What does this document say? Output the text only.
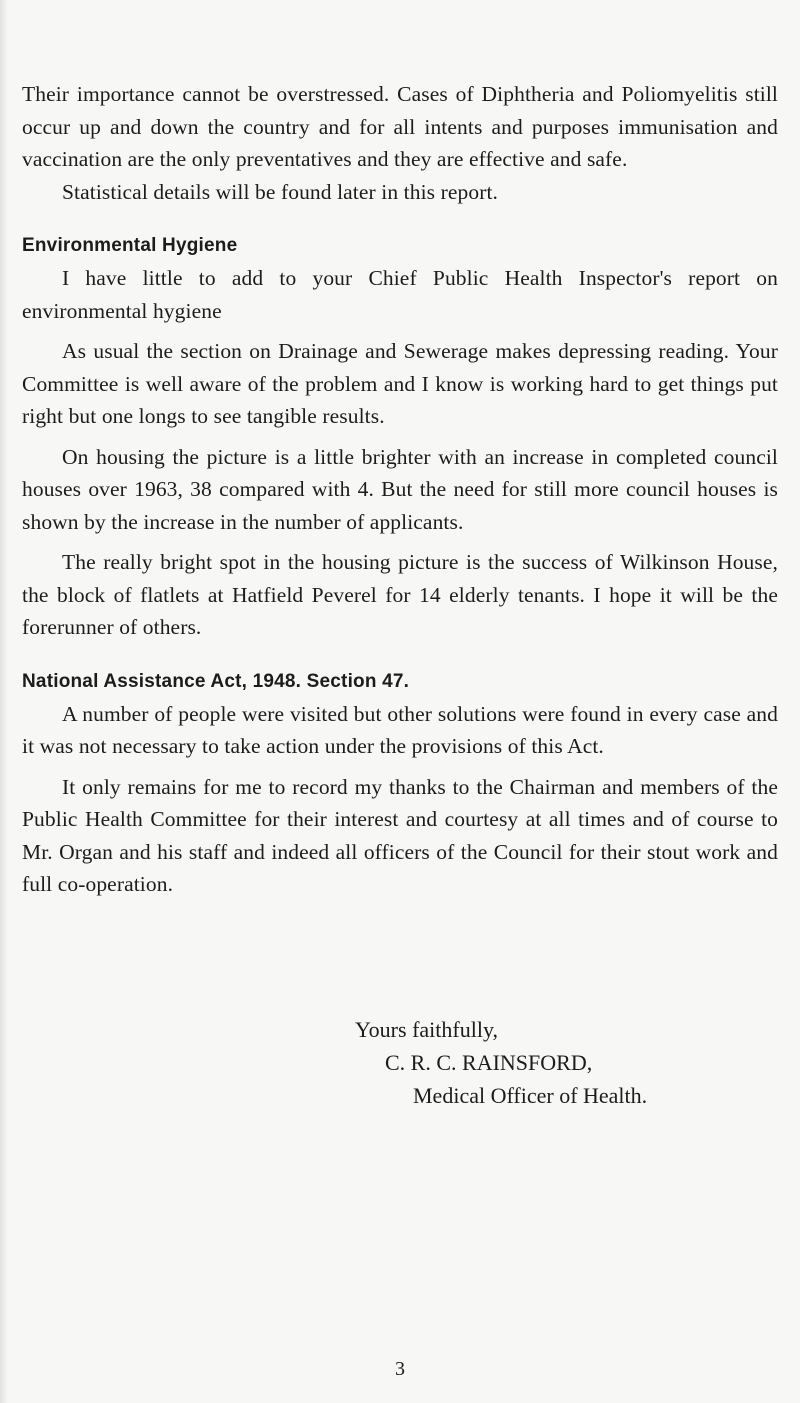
Their importance cannot be overstressed. Cases of Diphtheria and Poliomyelitis still occur up and down the country and for all intents and purposes immunisation and vaccination are the only preventatives and they are effective and safe.

Statistical details will be found later in this report.

Environmental Hygiene

I have little to add to your Chief Public Health Inspector's report on environmental hygiene

As usual the section on Drainage and Sewerage makes depressing reading. Your Committee is well aware of the problem and I know is working hard to get things put right but one longs to see tangible results.

On housing the picture is a little brighter with an increase in completed council houses over 1963, 38 compared with 4. But the need for still more council houses is shown by the increase in the number of applicants.

The really bright spot in the housing picture is the success of Wilkinson House, the block of flatlets at Hatfield Peverel for 14 elderly tenants. I hope it will be the forerunner of others.

National Assistance Act, 1948. Section 47.

A number of people were visited but other solutions were found in every case and it was not necessary to take action under the provisions of this Act.

It only remains for me to record my thanks to the Chairman and members of the Public Health Committee for their interest and courtesy at all times and of course to Mr. Organ and his staff and indeed all officers of the Council for their stout work and full co-operation.

Yours faithfully,
C. R. C. RAINSFORD,
Medical Officer of Health.
3
